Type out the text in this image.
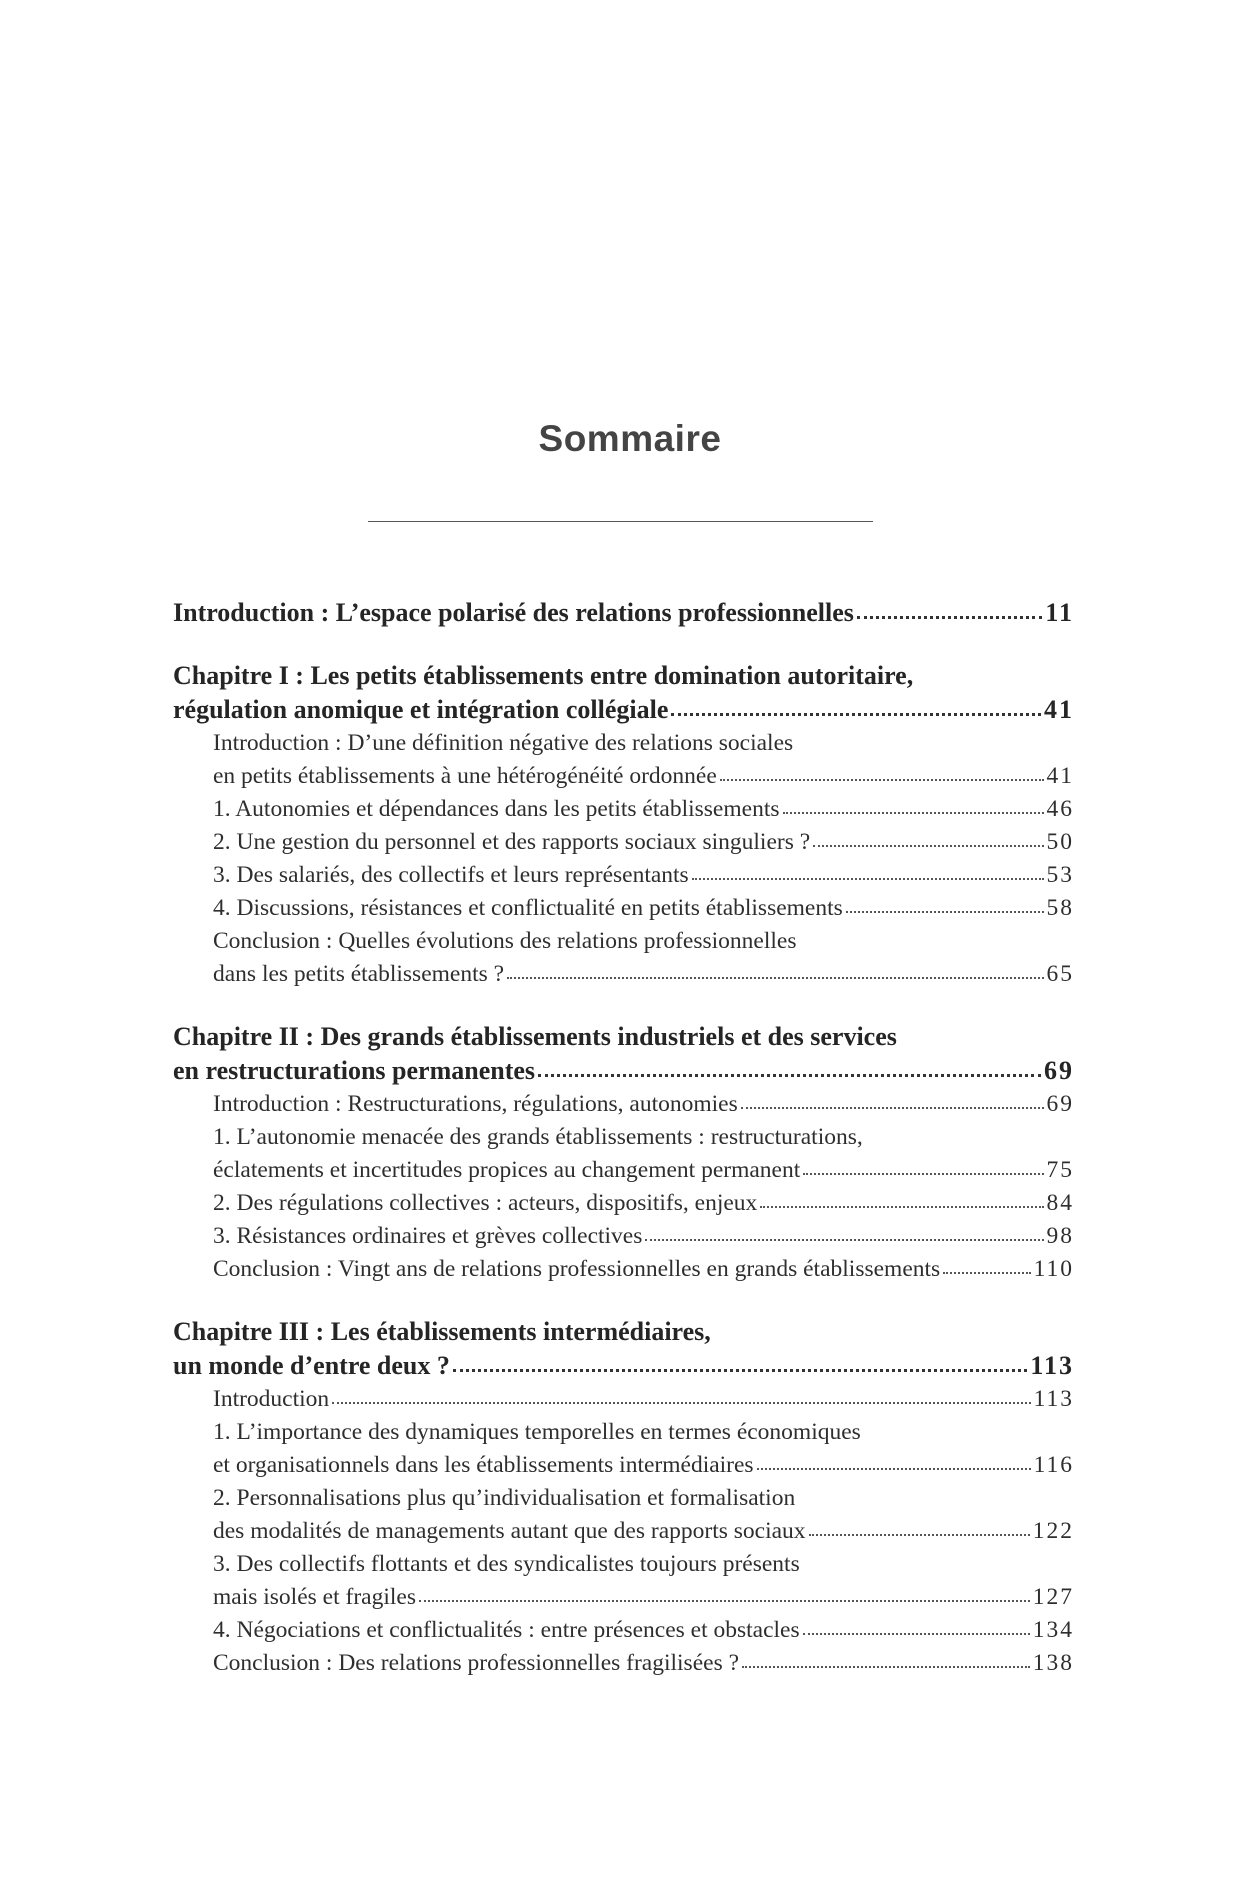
Sommaire
Introduction : L’espace polarisé des relations professionnelles	11
Chapitre I : Les petits établissements entre domination autoritaire,
régulation anomique et intégration collégiale	41
Introduction : D’une définition négative des relations sociales
en petits établissements à une hétérogénéité ordonnée	41
1. Autonomies et dépendances dans les petits établissements	46
2. Une gestion du personnel et des rapports sociaux singuliers ?	50
3. Des salariés, des collectifs et leurs représentants	53
4. Discussions, résistances et conflictualité en petits établissements	58
Conclusion : Quelles évolutions des relations professionnelles
dans les petits établissements ?	65
Chapitre II : Des grands établissements industriels et des services
en restructurations permanentes	69
Introduction : Restructurations, régulations, autonomies	69
1. L’autonomie menacée des grands établissements : restructurations,
éclatements et incertitudes propices au changement permanent	75
2. Des régulations collectives : acteurs, dispositifs, enjeux	84
3. Résistances ordinaires et grèves collectives	98
Conclusion : Vingt ans de relations professionnelles en grands établissements	110
Chapitre III : Les établissements intermédiaires,
un monde d’entre deux ?	113
Introduction	113
1. L’importance des dynamiques temporelles en termes économiques
et organisationnels dans les établissements intermédiaires	116
2. Personnalisations plus qu’individualisation et formalisation
des modalités de managements autant que des rapports sociaux	122
3. Des collectifs flottants et des syndicalistes toujours présents
mais isolés et fragiles	127
4. Négociations et conflictualités : entre présences et obstacles	134
Conclusion : Des relations professionnelles fragilisées ?	138
